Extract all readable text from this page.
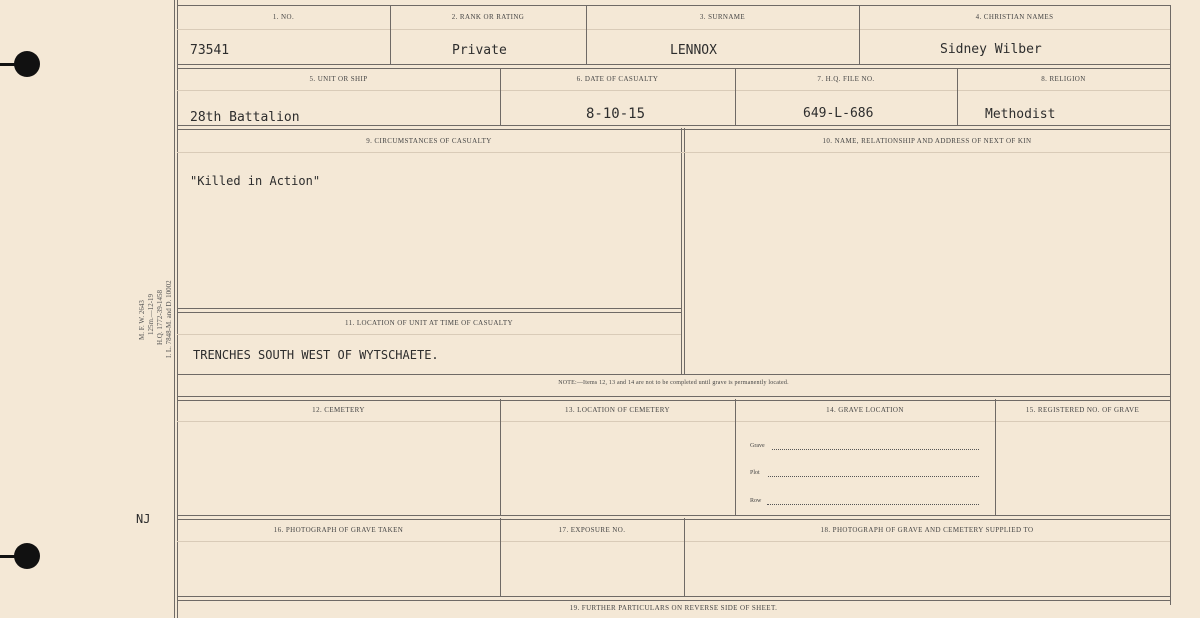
M. F. W. 2643 125m.—12-19 H.Q. 1772-39-1458 I. L. 7848-M. and D. 10002
NJ
1. NO.	2. RANK OR RATING	3. SURNAME	4. CHRISTIAN NAMES
73541	Private	LENNOX	Sidney Wilber
5. UNIT OR SHIP	6. DATE OF CASUALTY	7. H.Q. FILE NO.	8. RELIGION
28th Battalion	8-10-15	649-L-686	Methodist
9. CIRCUMSTANCES OF CASUALTY	10. NAME, RELATIONSHIP AND ADDRESS OF NEXT OF KIN
"Killed in Action"
11. LOCATION OF UNIT AT TIME OF CASUALTY
TRENCHES SOUTH WEST OF WYTSCHAETE.
NOTE:—Items 12, 13 and 14 are not to be completed until grave is permanently located.
12. CEMETERY	13. LOCATION OF CEMETERY	14. GRAVE LOCATION	15. REGISTERED NO. OF GRAVE
Grave
Plot
Row
16. PHOTOGRAPH OF GRAVE TAKEN	17. EXPOSURE NO.	18. PHOTOGRAPH OF GRAVE AND CEMETERY SUPPLIED TO
19. FURTHER PARTICULARS ON REVERSE SIDE OF SHEET.
